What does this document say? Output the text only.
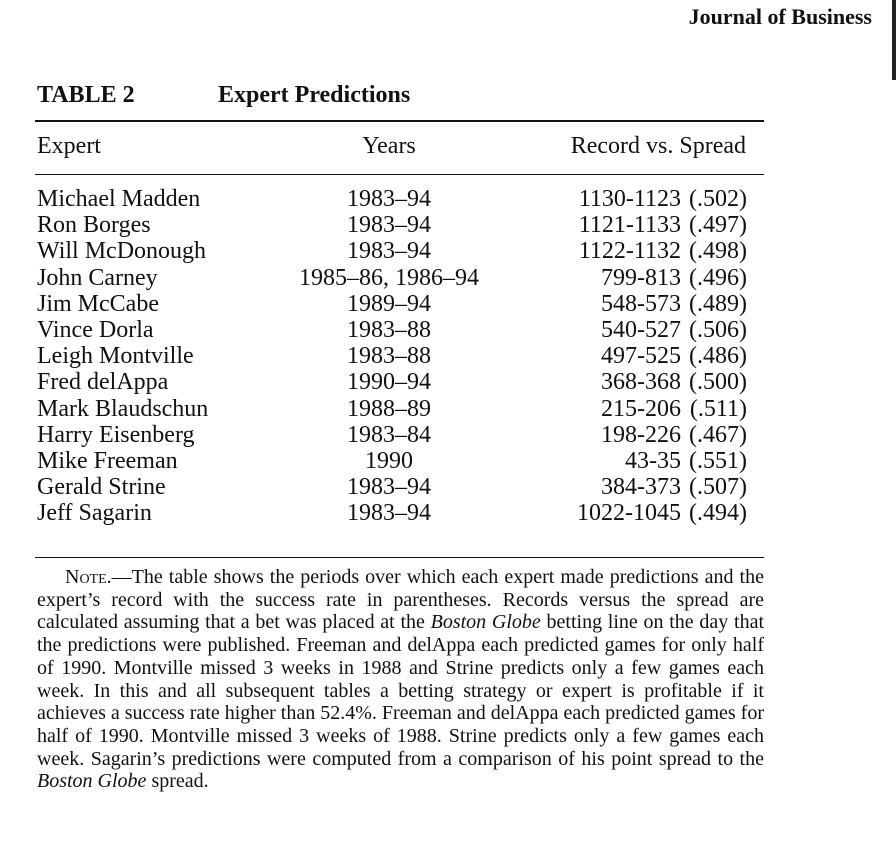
Journal of Business
TABLE 2	Expert Predictions
Expert	Years	Record vs. Spread
Michael Madden	1983–94	1130-1123 (.502)
Ron Borges	1983–94	1121-1133 (.497)
Will McDonough	1983–94	1122-1132 (.498)
John Carney	1985–86, 1986–94	799-813 (.496)
Jim McCabe	1989–94	548-573 (.489)
Vince Dorla	1983–88	540-527 (.506)
Leigh Montville	1983–88	497-525 (.486)
Fred delAppa	1990–94	368-368 (.500)
Mark Blaudschun	1988–89	215-206 (.511)
Harry Eisenberg	1983–84	198-226 (.467)
Mike Freeman	1990	43-35 (.551)
Gerald Strine	1983–94	384-373 (.507)
Jeff Sagarin	1983–94	1022-1045 (.494)
Note.—The table shows the periods over which each expert made predictions and the expert’s record with the success rate in parentheses. Records versus the spread are calculated assuming that a bet was placed at the Boston Globe betting line on the day that the predictions were published. Freeman and delAppa each predicted games for only half of 1990. Montville missed 3 weeks in 1988 and Strine predicts only a few games each week. In this and all subsequent tables a betting strategy or expert is profitable if it achieves a success rate higher than 52.4%. Freeman and delAppa each predicted games for half of 1990. Montville missed 3 weeks of 1988. Strine predicts only a few games each week. Sagarin’s predictions were computed from a comparison of his point spread to the Boston Globe spread.
